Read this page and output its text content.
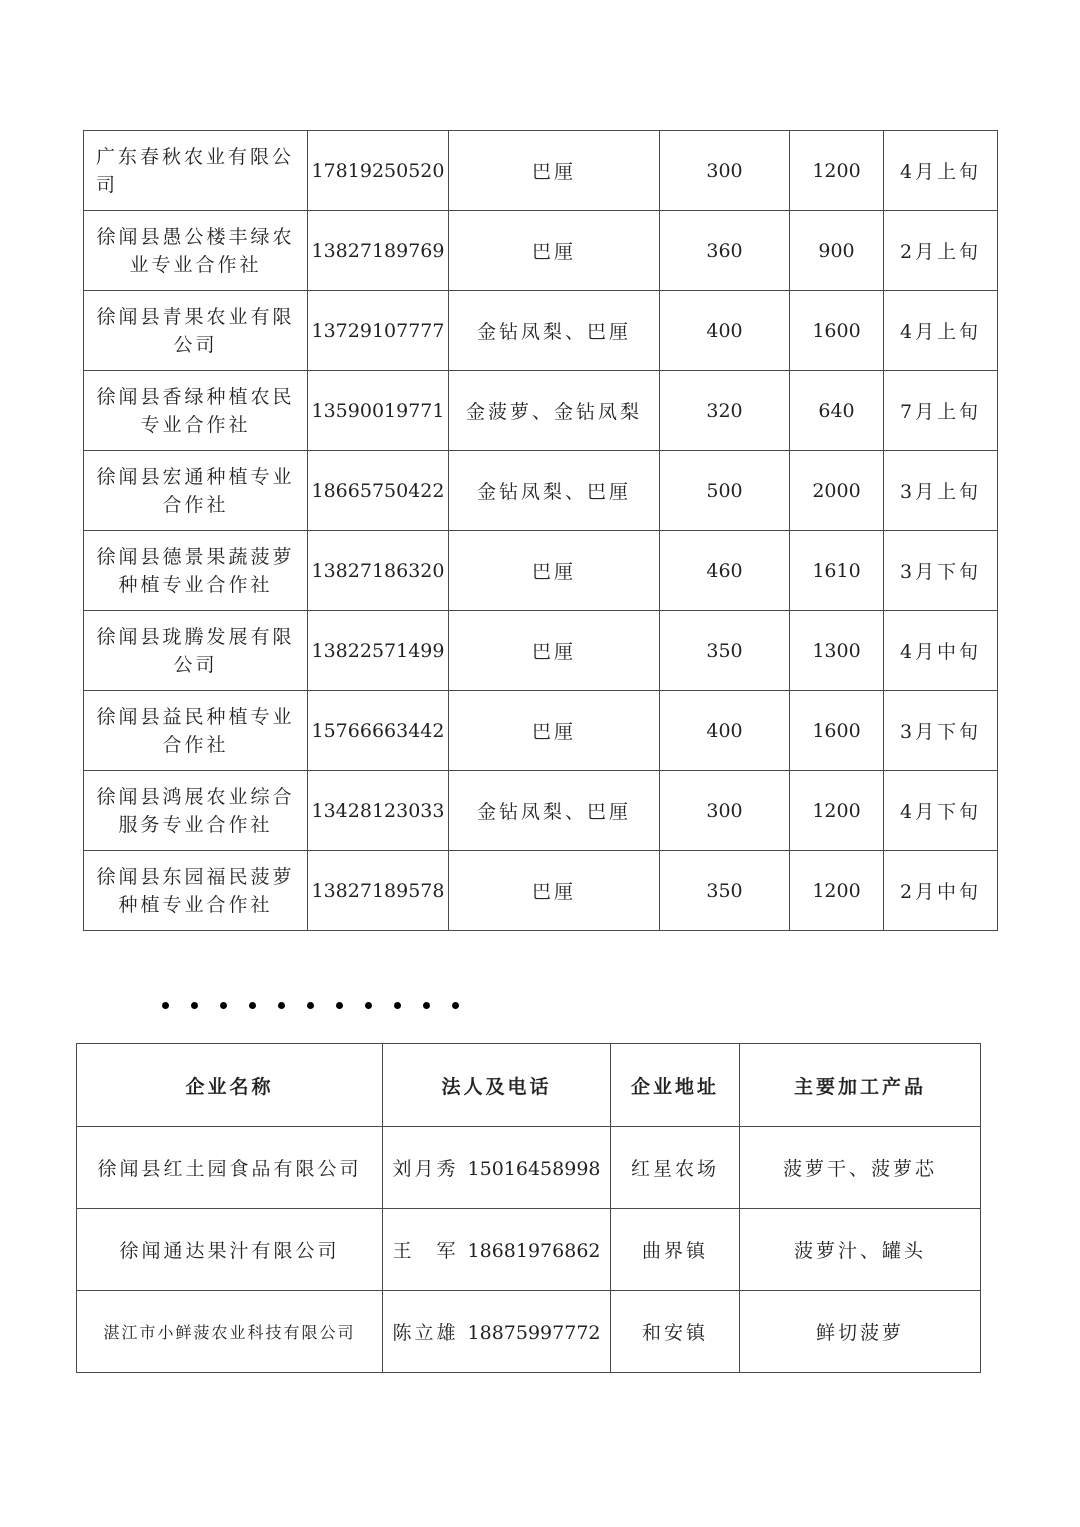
广东春秋农业有限公司	17819250520	巴厘	300	1200	4月上旬
徐闻县愚公楼丰绿农业专业合作社	13827189769	巴厘	360	900	2月上旬
徐闻县青果农业有限公司	13729107777	金钻凤梨、巴厘	400	1600	4月上旬
徐闻县香绿种植农民专业合作社	13590019771	金菠萝、金钻凤梨	320	640	7月上旬
徐闻县宏通种植专业合作社	18665750422	金钻凤梨、巴厘	500	2000	3月上旬
徐闻县德景果蔬菠萝种植专业合作社	13827186320	巴厘	460	1610	3月下旬
徐闻县珑腾发展有限公司	13822571499	巴厘	350	1300	4月中旬
徐闻县益民种植专业合作社	15766663442	巴厘	400	1600	3月下旬
徐闻县鸿展农业综合服务专业合作社	13428123033	金钻凤梨、巴厘	300	1200	4月下旬
徐闻县东园福民菠萝种植专业合作社	13827189578	巴厘	350	1200	2月中旬
企业名称	法人及电话	企业地址	主要加工产品
徐闻县红土园食品有限公司	刘月秀 15016458998	红星农场	菠萝干、菠萝芯
徐闻通达果汁有限公司	王　军 18681976862	曲界镇	菠萝汁、罐头
湛江市小鲜菠农业科技有限公司	陈立雄 18875997772	和安镇	鲜切菠萝
